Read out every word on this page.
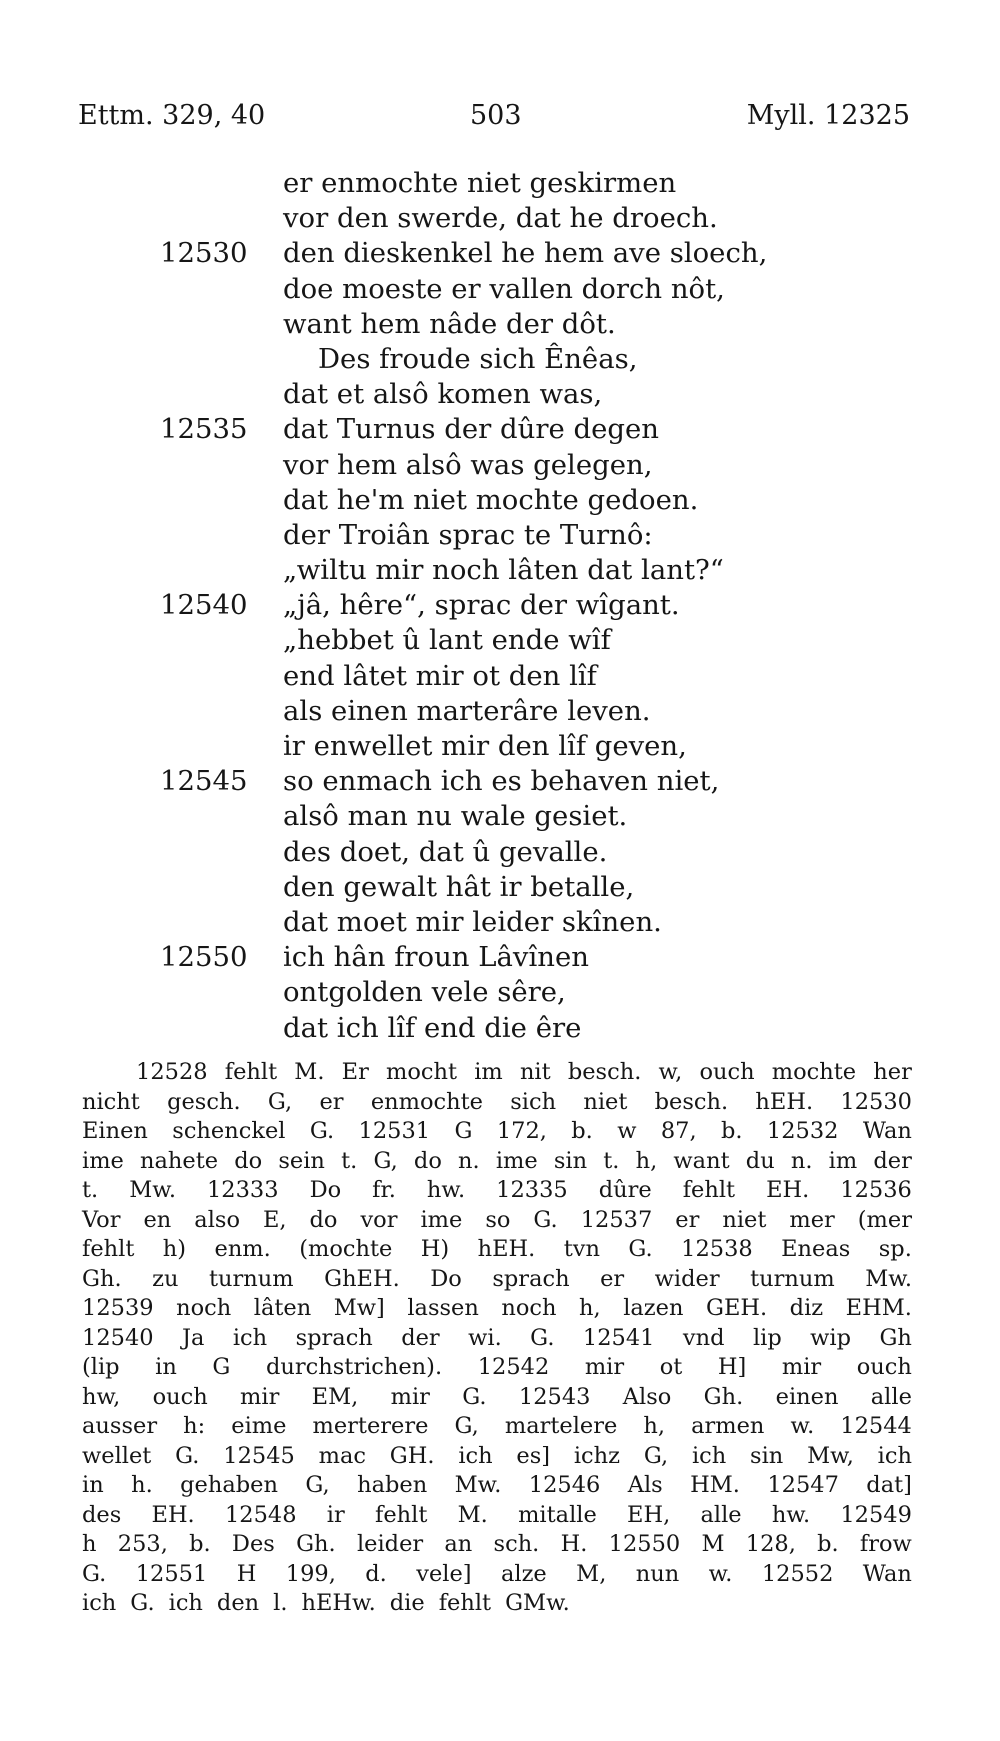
Ettm. 329, 40	503	Myll. 12325
er enmochte niet geskirmen
vor den swerde, dat he droech.
12530 den dieskenkel he hem ave sloech,
doe moeste er vallen dorch nôt,
want hem nâde der dôt.
Des froude sich Ênêas,
dat et alsô komen was,
12535 dat Turnus der dûre degen
vor hem alsô was gelegen,
dat he'm niet mochte gedoen.
der Troiân sprac te Turnô:
„wiltu mir noch lâten dat lant?“
12540 „jâ, hêre“, sprac der wîgant.
„hebbet û lant ende wîf
end lâtet mir ot den lîf
als einen marterâre leven.
ir enwellet mir den lîf geven,
12545 so enmach ich es behaven niet,
alsô man nu wale gesiet.
des doet, dat û gevalle.
den gewalt hât ir betalle,
dat moet mir leider skînen.
12550 ich hân froun Lâvînen
ontgolden vele sêre,
dat ich lîf end die êre
12528 fehlt M. Er mocht im nit besch. w, ouch mochte her
nicht gesch. G, er enmochte sich niet besch. hEH. 12530
Einen schenckel G. 12531 G 172, b. w 87, b. 12532 Wan
ime nahete do sein t. G, do n. ime sin t. h, want du n. im der
t. Mw. 12333 Do fr. hw. 12335 dûre fehlt EH. 12536
Vor en also E, do vor ime so G. 12537 er niet mer (mer
fehlt h) enm. (mochte H) hEH. tvn G. 12538 Eneas sp.
Gh. zu turnum GhEH. Do sprach er wider turnum Mw.
12539 noch lâten Mw] lassen noch h, lazen GEH. diz EHM.
12540 Ja ich sprach der wi. G. 12541 vnd lip wip Gh
(lip in G durchstrichen). 12542 mir ot H] mir ouch
hw, ouch mir EM, mir G. 12543 Also Gh. einen alle
ausser h: eime merterere G, martelere h, armen w. 12544
wellet G. 12545 mac GH. ich es] ichz G, ich sin Mw, ich
in h. gehaben G, haben Mw. 12546 Als HM. 12547 dat]
des EH. 12548 ir fehlt M. mitalle EH, alle hw. 12549
h 253, b. Des Gh. leider an sch. H. 12550 M 128, b. frow
G. 12551 H 199, d. vele] alze M, nun w. 12552 Wan
ich G. ich den l. hEHw. die fehlt GMw.
